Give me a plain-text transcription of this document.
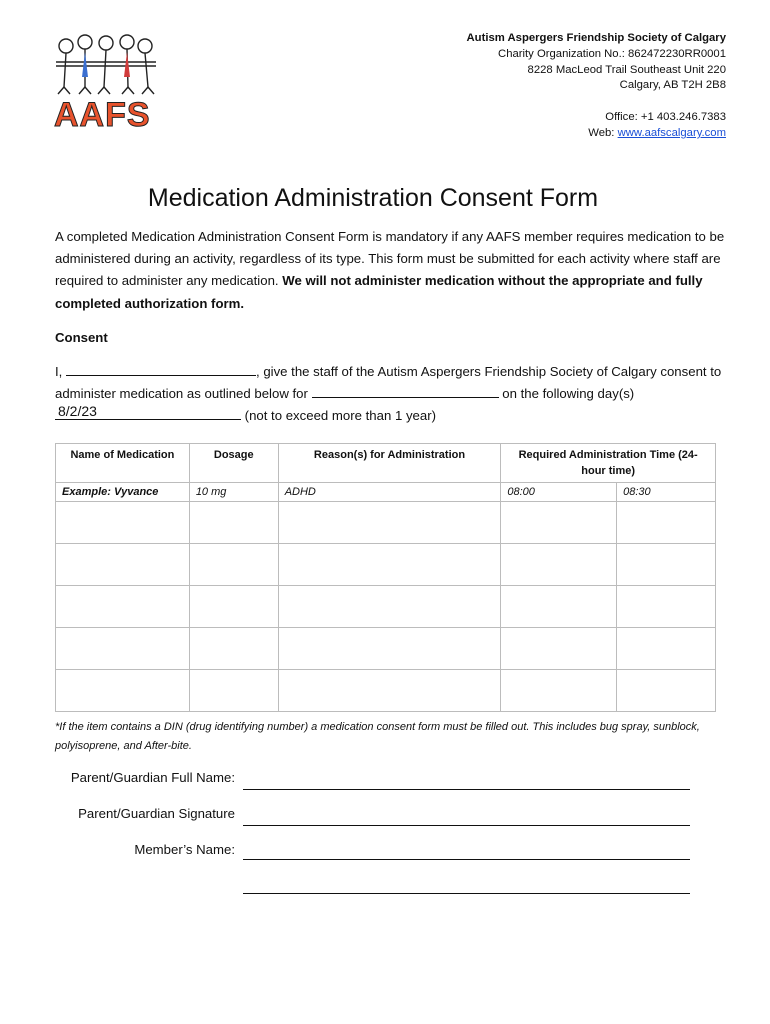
AAFS
Autism Aspergers Friendship Society of Calgary
Charity Organization No.: 862472230RR0001
8228 MacLeod Trail Southeast Unit 220
Calgary, AB T2H 2B8
Office: +1 403.246.7383
Web: www.aafscalgary.com
Medication Administration Consent Form
A completed Medication Administration Consent Form is mandatory if any AAFS member requires medication to be administered during an activity, regardless of its type. This form must be submitted for each activity where staff are required to administer any medication. We will not administer medication without the appropriate and fully completed authorization form.
Consent
I,	, give the staff of the Autism Aspergers Friendship Society of Calgary consent to administer medication as outlined below for	on the following day(s)
8/2/23	(not to exceed more than 1 year)
Name of Medication	Dosage	Reason(s) for Administration	Required Administration Time (24-hour time)	
Example: Vyvance	10 mg	ADHD	08:00	08:30

*If the item contains a DIN (drug identifying number) a medication consent form must be filled out. This includes bug spray, sunblock, polyisoprene, and After-bite.
Parent/Guardian Full Name:
Parent/Guardian Signature
Member’s Name:
